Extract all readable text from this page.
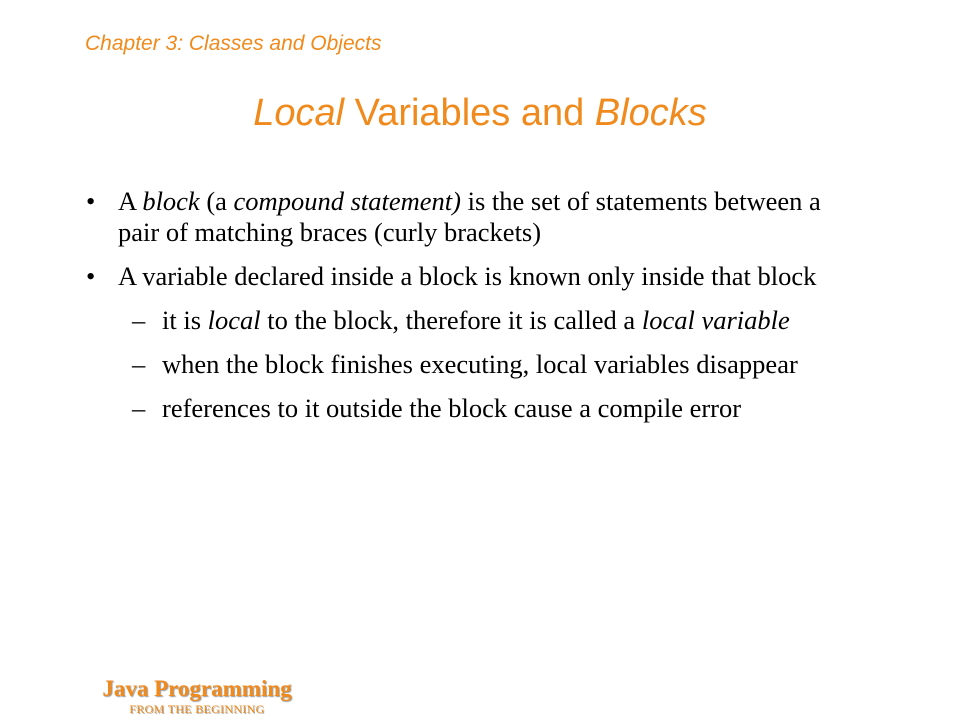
Chapter 3: Classes and Objects
Local Variables and Blocks
• A block (a compound statement) is the set of statements between a pair of matching braces (curly brackets)
• A variable declared inside a block is known only inside that block
– it is local to the block, therefore it is called a local variable
– when the block finishes executing, local variables disappear
– references to it outside the block cause a compile error
Java Programming
FROM THE BEGINNING
